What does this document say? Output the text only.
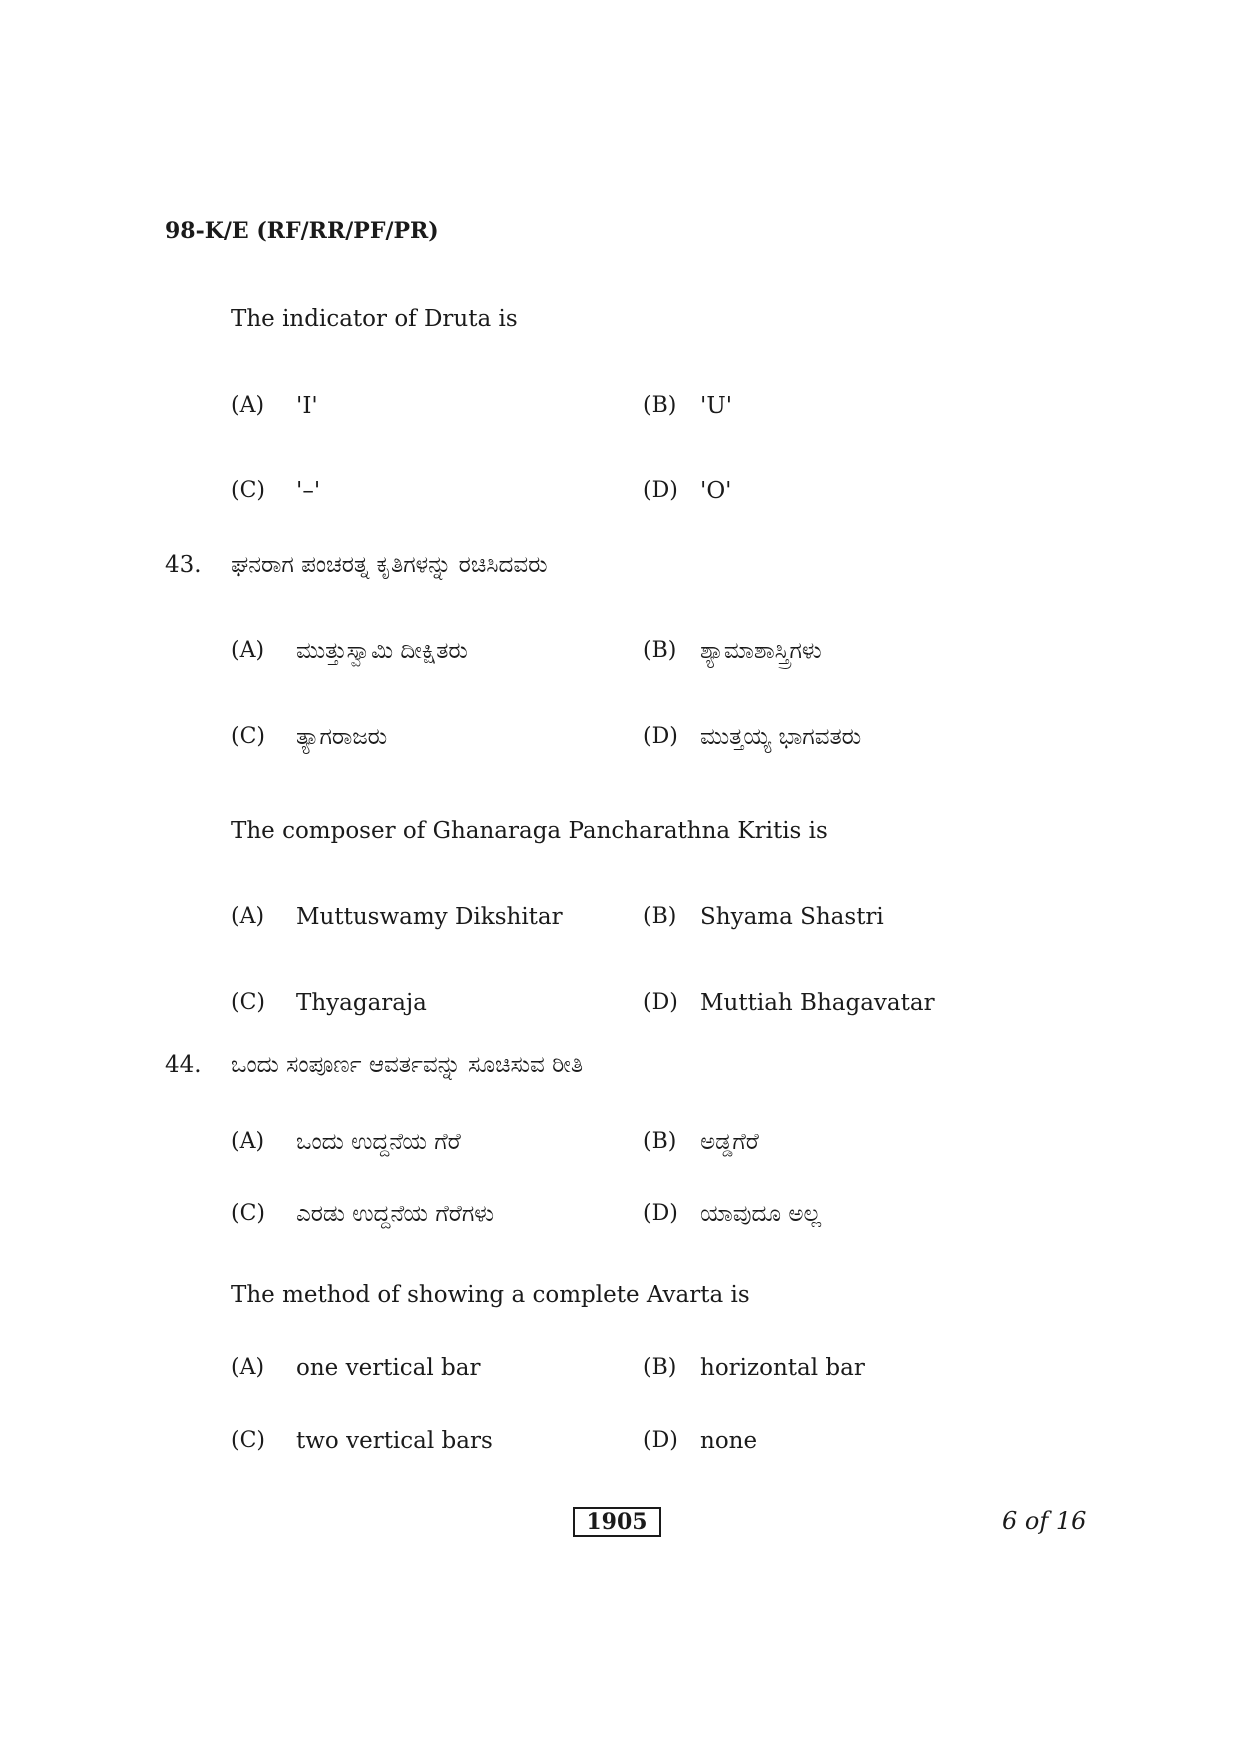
98-K/E (RF/RR/PF/PR)
The indicator of Druta is
(A) 'I'	(B) 'U'
(C) '–'	(D) 'O'
43. ಘನರಾಗ ಪಂಚರತ್ನ ಕೃತಿಗಳನ್ನು ರಚಿಸಿದವರು
(A) ಮುತ್ತುಸ್ವಾಮಿ ದೀಕ್ಷಿತರು	(B) ಶ್ಯಾಮಾಶಾಸ್ತ್ರಿಗಳು
(C) ತ್ಯಾಗರಾಜರು	(D) ಮುತ್ತಯ್ಯ ಭಾಗವತರು
The composer of Ghanaraga Pancharathna Kritis is
(A) Muttuswamy Dikshitar	(B) Shyama Shastri
(C) Thyagaraja	(D) Muttiah Bhagavatar
44. ಒಂದು ಸಂಪೂರ್ಣ ಆವರ್ತವನ್ನು ಸೂಚಿಸುವ ರೀತಿ
(A) ಒಂದು ಉದ್ದನೆಯ ಗೆರೆ	(B) ಅಡ್ಡಗೆರೆ
(C) ಎರಡು ಉದ್ದನೆಯ ಗೆರೆಗಳು	(D) ಯಾವುದೂ ಅಲ್ಲ
The method of showing a complete Avarta is
(A) one vertical bar	(B) horizontal bar
(C) two vertical bars	(D) none
1905	6 of 16
